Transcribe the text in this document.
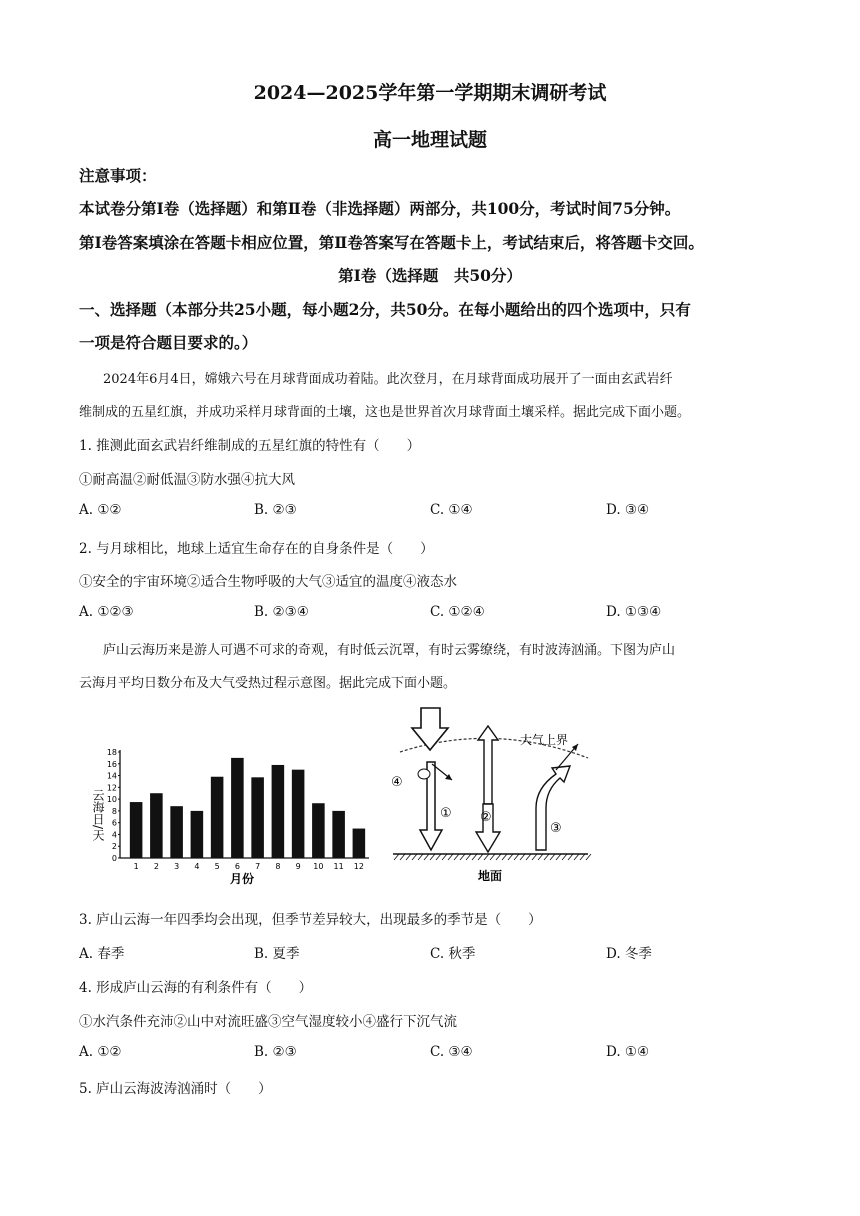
2024—2025学年第一学期期末调研考试
高一地理试题
注意事项：
本试卷分第Ⅰ卷（选择题）和第Ⅱ卷（非选择题）两部分，共100分，考试时间75分钟。
第Ⅰ卷答案填涂在答题卡相应位置，第Ⅱ卷答案写在答题卡上，考试结束后，将答题卡交回。
第Ⅰ卷（选择题　共50分）
一、选择题（本部分共25小题，每小题2分，共50分。在每小题给出的四个选项中，只有
一项是符合题目要求的。）
2024年6月4日，嫦娥六号在月球背面成功着陆。此次登月，在月球背面成功展开了一面由玄武岩纤
维制成的五星红旗，并成功采样月球背面的土壤，这也是世界首次月球背面土壤采样。据此完成下面小题。
1. 推测此面玄武岩纤维制成的五星红旗的特性有（　　）
①耐高温②耐低温③防水强④抗大风
A. ①②	B. ②③	C. ①④	D. ③④
2. 与月球相比，地球上适宜生命存在的自身条件是（　　）
①安全的宇宙环境②适合生物呼吸的大气③适宜的温度④液态水
A. ①②③	B. ②③④	C. ①②④	D. ①③④
庐山云海历来是游人可遇不可求的奇观，有时低云沉罩，有时云雾缭绕，有时波涛汹涌。下图为庐山
云海月平均日数分布及大气受热过程示意图。据此完成下面小题。
云海日/天
0
2
4
6
8
10
12
14
16
18
1 2 3 4 5 6 7 8 9 10 11 12
月份
大气上界
①
④
②
③
地面
3. 庐山云海一年四季均会出现，但季节差异较大，出现最多的季节是（　　）
A. 春季	B. 夏季	C. 秋季	D. 冬季
4. 形成庐山云海的有利条件有（　　）
①水汽条件充沛②山中对流旺盛③空气湿度较小④盛行下沉气流
A. ①②	B. ②③	C. ③④	D. ①④
5. 庐山云海波涛汹涌时（　　）
